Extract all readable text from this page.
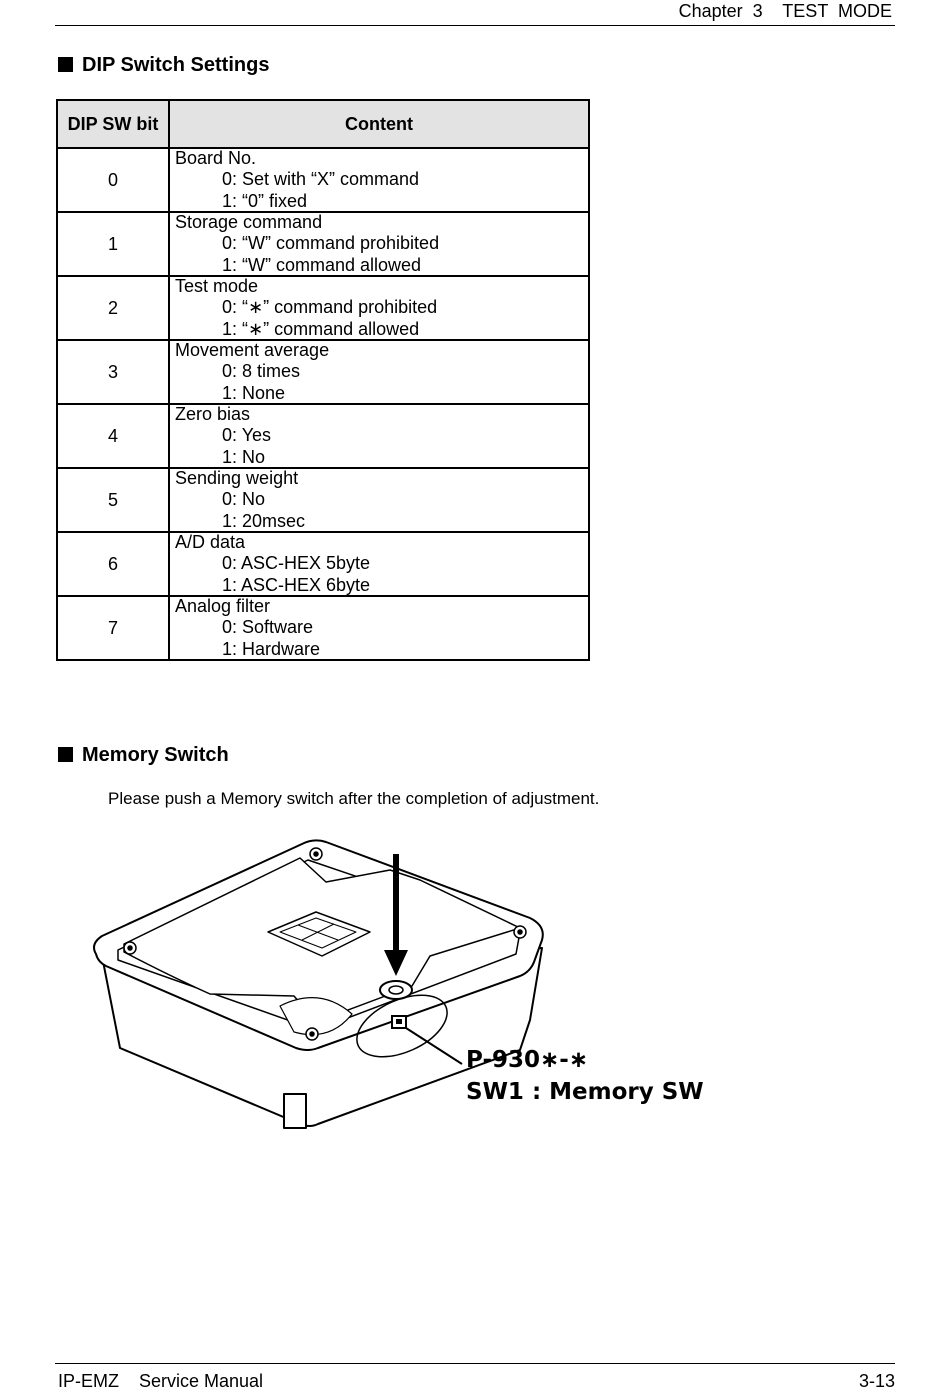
Chapter  3    TEST  MODE
DIP Switch Settings
DIP SW bit	Content
0	Board No.
0: Set with “X” command
1: “0” fixed

1	Storage command
0: “W” command prohibited
1: “W” command allowed

2	Test mode
0: “∗” command prohibited
1: “∗” command allowed

3	Movement average
0: 8 times
1: None

4	Zero bias
0: Yes
1: No

5	Sending weight
0: No
1: 20msec

6	A/D data
0: ASC-HEX 5byte
1: ASC-HEX 6byte

7	Analog filter
0: Software
1: Hardware
Memory Switch
Please push a Memory switch after the completion of adjustment.
P-930∗-∗
SW1 : Memory SW
IP-EMZ    Service Manual	3-13
